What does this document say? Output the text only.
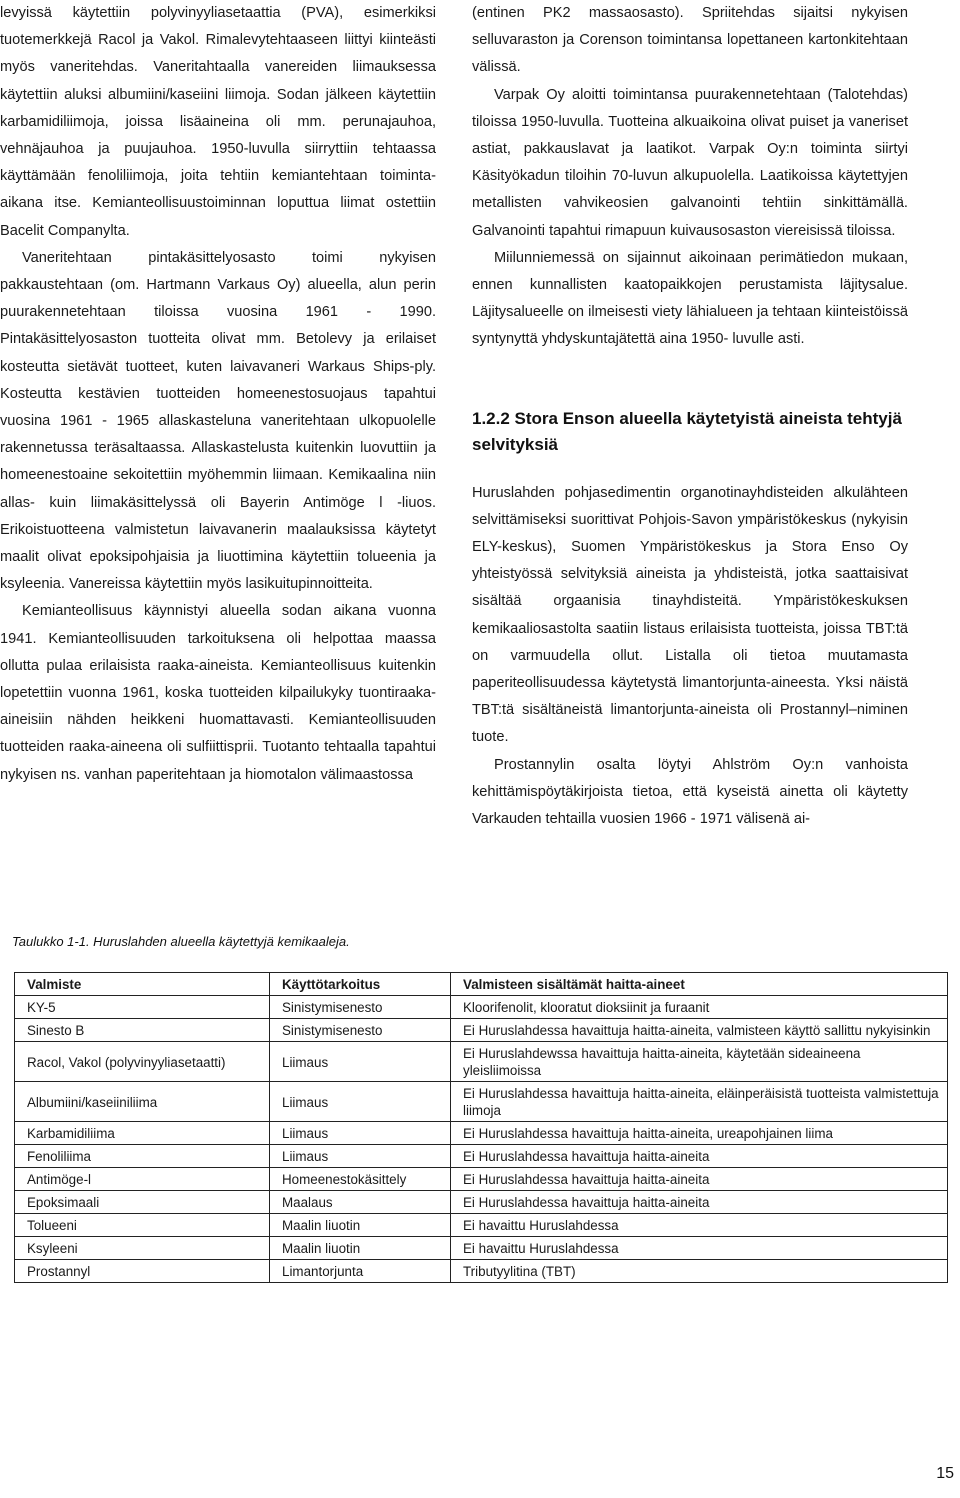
levyissä käytettiin polyvinyyliasetaattia (PVA), esimerkiksi tuotemerkkejä Racol ja Vakol. Rimalevytehtaaseen liittyi kiinteästi myös vaneritehdas. Vaneritahtaalla vanereiden liimauksessa käytettiin aluksi albumiini/kaseiini liimoja. Sodan jälkeen käytettiin karbamidiliimoja, joissa lisäaineina oli mm. perunajauhoa, vehnäjauhoa ja puujauhoa. 1950-luvulla siirryttiin tehtaassa käyttämään fenoliliimoja, joita tehtiin kemiantehtaan toiminta-aikana itse. Kemianteollisuustoiminnan loputtua liimat ostettiin Bacelit Companylta.

Vaneritehtaan pintakäsittelyosasto toimi nykyisen pakkaustehtaan (om. Hartmann Varkaus Oy) alueella, alun perin puurakennetehtaan tiloissa vuosina 1961 - 1990. Pintakäsittelyosaston tuotteita olivat mm. Betolevy ja erilaiset kosteutta sietävät tuotteet, kuten laivavaneri Warkaus Ships-ply. Kosteutta kestävien tuotteiden homeenestosuojaus tapahtui vuosina 1961 - 1965 allaskasteluna vaneritehtaan ulkopuolelle rakennetussa teräsaltaassa. Allaskastelusta kuitenkin luovuttiin ja homeenestoaine sekoitettiin myöhemmin liimaan. Kemikaalina niin allas- kuin liimakäsittelyssä oli Bayerin Antimöge l -liuos. Erikoistuotteena valmistetun laivavanerin maalauksissa käytetyt maalit olivat epoksipohjaisia ja liuottimina käytettiin tolueenia ja ksyleenia. Vanereissa käytettiin myös lasikuitupinnoitteita.

Kemianteollisuus käynnistyi alueella sodan aikana vuonna 1941. Kemianteollisuuden tarkoituksena oli helpottaa maassa ollutta pulaa erilaisista raaka-aineista. Kemianteollisuus kuitenkin lopetettiin vuonna 1961, koska tuotteiden kilpailukyky tuontiraaka-aineisiin nähden heikkeni huomattavasti. Kemianteollisuuden tuotteiden raaka-aineena oli sulfiittisprii. Tuotanto tehtaalla tapahtui nykyisen ns. vanhan paperitehtaan ja hiomotalon välimaastossa

(entinen PK2 massaosasto). Spriitehdas sijaitsi nykyisen selluvaraston ja Corenson toimintansa lopettaneen kartonkitehtaan välissä.

Varpak Oy aloitti toimintansa puurakennetehtaan (Talotehdas) tiloissa 1950-luvulla. Tuotteina alkuaikoina olivat puiset ja vaneriset astiat, pakkauslavat ja laatikot. Varpak Oy:n toiminta siirtyi Käsityökadun tiloihin 70-luvun alkupuolella. Laatikoissa käytettyjen metallisten vahvikeosien galvanointi tehtiin sinkittämällä. Galvanointi tapahtui rimapuun kuivausosaston viereisissä tiloissa.

Miilunniemessä on sijainnut aikoinaan perimätiedon mukaan, ennen kunnallisten kaatopaikkojen perustamista läjitysalue. Läjitysalueelle on ilmeisesti viety lähialueen ja tehtaan kiinteistöissä syntynyttä yhdyskuntajätettä aina 1950- luvulle asti.

1.2.2 Stora Enson alueella käytetyistä aineista tehtyjä selvityksiä

Huruslahden pohjasedimentin organotinayhdisteiden alkulähteen selvittämiseksi suorittivat Pohjois-Savon ympäristökeskus (nykyisin ELY-keskus), Suomen Ympäristökeskus ja Stora Enso Oy yhteistyössä selvityksiä aineista ja yhdisteistä, jotka saattaisivat sisältää orgaanisia tinayhdisteitä. Ympäristökeskuksen kemikaaliosastolta saatiin listaus erilaisista tuotteista, joissa TBT:tä on varmuudella ollut. Listalla oli tietoa muutamasta paperiteollisuudessa käytetystä limantorjunta-aineesta. Yksi näistä TBT:tä sisältäneistä limantorjunta-aineista oli Prostannyl–niminen tuote.

Prostannylin osalta löytyi Ahlström Oy:n vanhoista kehittämispöytäkirjoista tietoa, että kyseistä ainetta oli käytetty Varkauden tehtailla vuosien 1966 - 1971 välisenä ai-

Taulukko 1-1. Huruslahden alueella käytettyjä kemikaaleja.
Valmiste	Käyttötarkoitus	Valmisteen sisältämät haitta-aineet
KY-5	Sinistymisenesto	Kloorifenolit, klooratut dioksiinit ja furaanit
Sinesto B	Sinistymisenesto	Ei Huruslahdessa havaittuja haitta-aineita, valmisteen käyttö sallittu nykyisinkin
Racol, Vakol (polyvinyyliasetaatti)	Liimaus	Ei Huruslahdewssa havaittuja haitta-aineita, käytetään sideaineena yleisliimoissa
Albumiini/kaseiiniliima	Liimaus	Ei Huruslahdessa havaittuja haitta-aineita, eläinperäisistä tuotteista valmistettuja liimoja
Karbamidiliima	Liimaus	Ei Huruslahdessa havaittuja haitta-aineita, ureapohjainen liima
Fenoliliima	Liimaus	Ei Huruslahdessa havaittuja haitta-aineita
Antimöge-l	Homeenestokäsittely	Ei Huruslahdessa havaittuja haitta-aineita
Epoksimaali	Maalaus	Ei Huruslahdessa havaittuja haitta-aineita
Tolueeni	Maalin liuotin	Ei havaittu Huruslahdessa
Ksyleeni	Maalin liuotin	Ei havaittu Huruslahdessa
Prostannyl	Limantorjunta	Tributyylitina (TBT)
15
